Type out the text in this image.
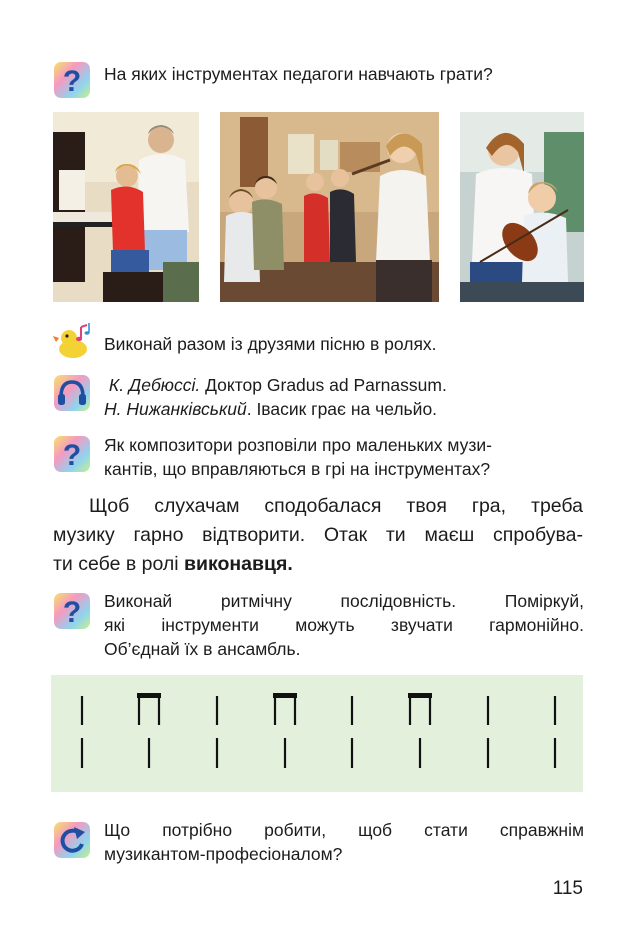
? На яких інструментах педагоги навчають грати?
Виконай разом із друзями пісню в ролях.
К. Дебюссі. Доктор Gradus ad Parnassum.
Н. Нижанківський. Івасик грає на чельйо.
? Як композитори розповіли про маленьких музи-
кантів, що вправляються в грі на інструментах?
Щоб слухачам сподобалася твоя гра, треба
музику гарно відтворити. Отак ти маєш спробува-
ти себе в ролі виконавця.
? Виконай ритмічну послідовність. Поміркуй,
які інструменти можуть звучати гармонійно.
Об’єднай їх в ансамбль.
Що потрібно робити, щоб стати справжнім
музикантом-професіоналом?
115
